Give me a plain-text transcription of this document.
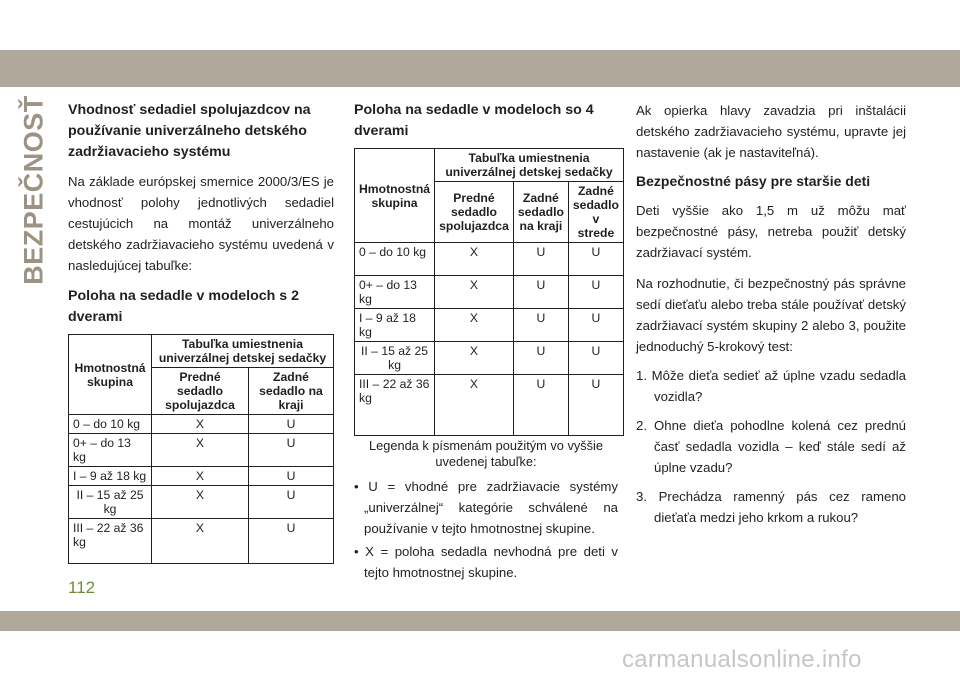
BEZPEČNOSŤ Vhodnosť sedadiel spolujazdcov na používanie univerzálneho detského zadržiavacieho systému

Na základe európskej smernice 2000/3/ES je vhodnosť polohy jednotlivých sedadiel cestujúcich na montáž univerzálneho detského zadržiavacieho systému uvedená v nasledujúcej tabuľke:

Poloha na sedadle v modeloch s 2 dverami
Hmotnostná skupina	Tabuľka umiestnenia univerzálnej detskej sedačky	
	Predné sedadlo spolujazdca	Zadné sedadlo na kraji
0 – do 10 kg	X	U
0+ – do 13 kg	X	U
I – 9 až 18 kg	X	U
II – 15 až 25 kg	X	U
III – 22 až 36 kg	X	U
Poloha na sedadle v modeloch so 4 dverami
Hmotnostná skupina	Tabuľka umiestnenia univerzálnej detskej sedačky		
	Predné sedadlo spolujazdca	Zadné sedadlo na kraji	Zadné sedadlo v strede
0 – do 10 kg	X	U	U
0+ – do 13 kg	X	U	U
I – 9 až 18 kg	X	U	U
II – 15 až 25 kg	X	U	U
III – 22 až 36 kg	X	U	U
Legenda k písmenám použitým vo vyššie uvedenej tabuľke:
• U = vhodné pre zadržiavacie systémy „univerzálnej“ kategórie schválené na používanie v tejto hmotnostnej skupine.
• X = poloha sedadla nevhodná pre deti v tejto hmotnostnej skupine.

Ak opierka hlavy zavadzia pri inštalácii detského zadržiavacieho systému, upravte jej nastavenie (ak je nastaviteľná).

Bezpečnostné pásy pre staršie deti

Deti vyššie ako 1,5 m už môžu mať bezpečnostné pásy, netreba použiť detský zadržiavací systém.

Na rozhodnutie, či bezpečnostný pás správne sedí dieťaťu alebo treba stále používať detský zadržiavací systém skupiny 2 alebo 3, použite jednoduchý 5-krokový test:

1. Môže dieťa sedieť až úplne vzadu sedadla vozidla?
2. Ohne dieťa pohodlne kolená cez prednú časť sedadla vozidla – keď stále sedí až úplne vzadu?
3. Prechádza ramenný pás cez rameno dieťaťa medzi jeho krkom a rukou?
112
carmanualsonline.info
